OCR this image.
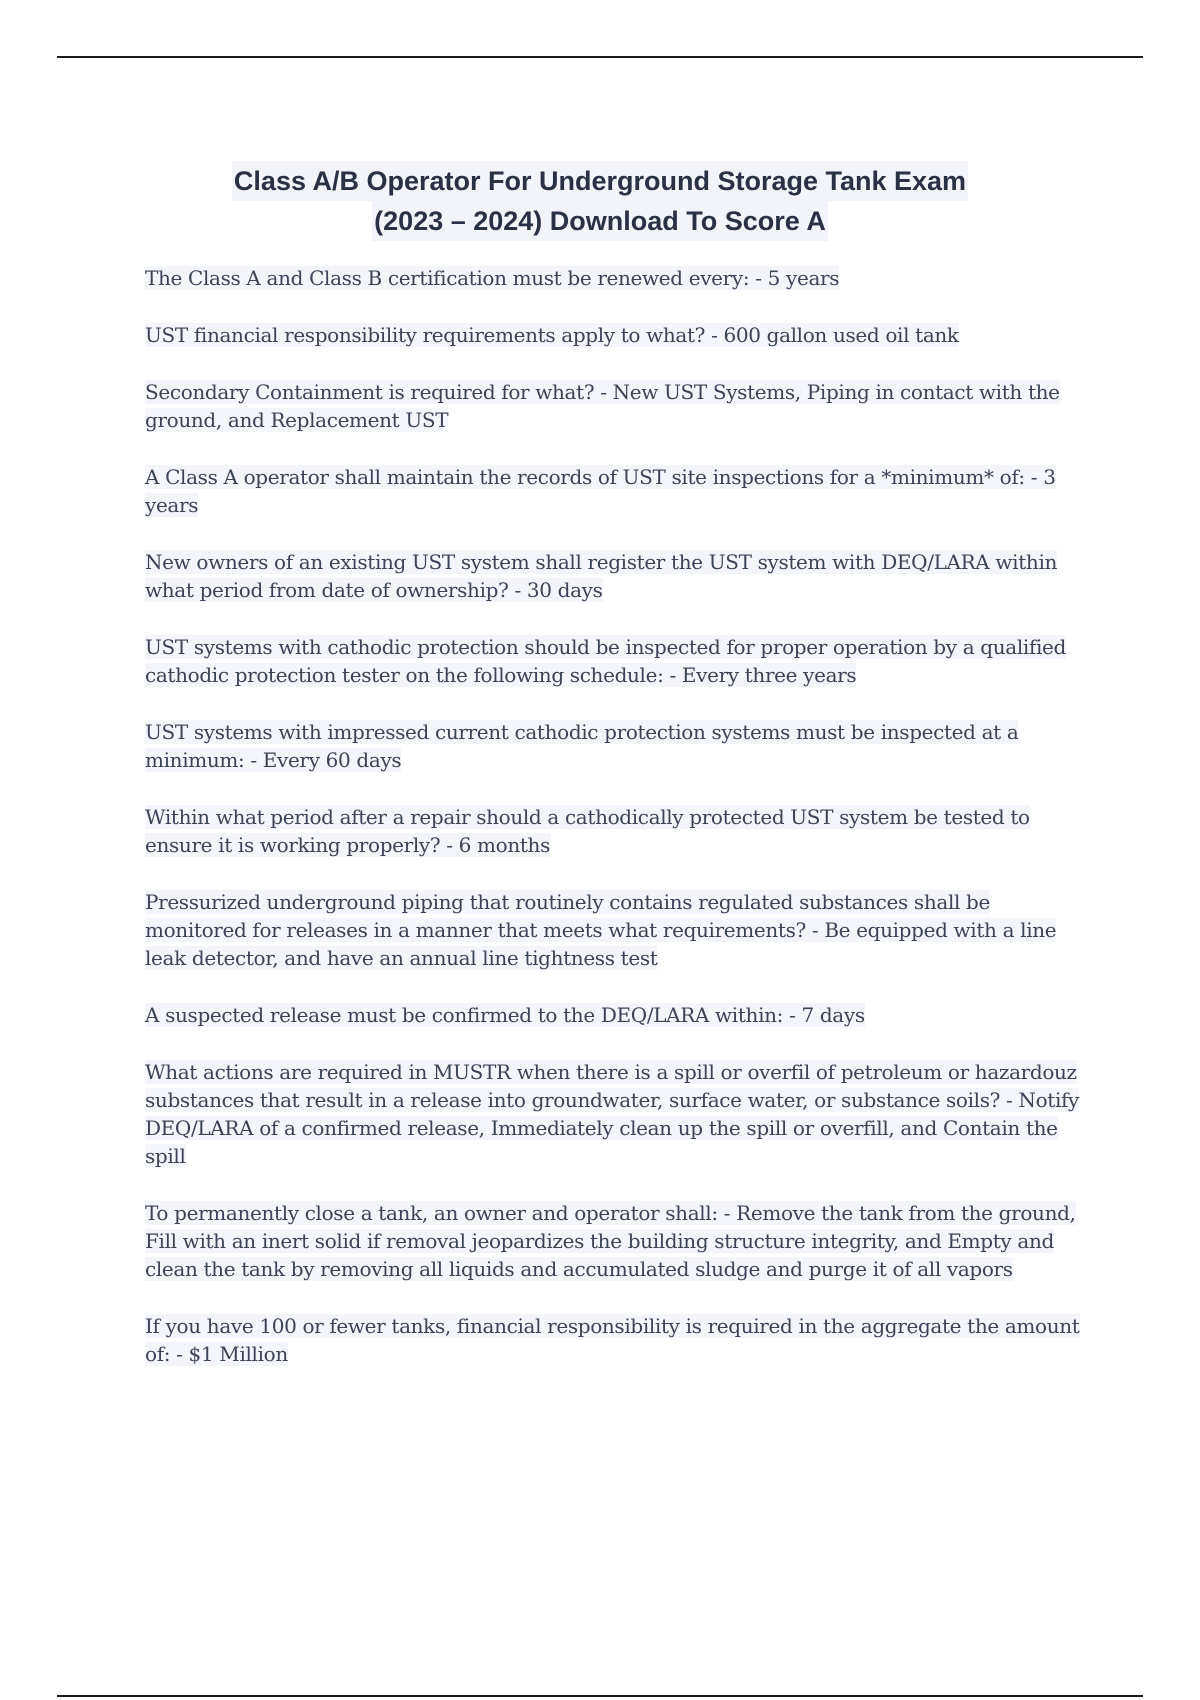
Class A/B Operator For Underground Storage Tank Exam
(2023 – 2024) Download To Score A
The Class A and Class B certification must be renewed every: - 5 years
UST financial responsibility requirements apply to what? - 600 gallon used oil tank
Secondary Containment is required for what? - New UST Systems, Piping in contact with the ground, and Replacement UST
A Class A operator shall maintain the records of UST site inspections for a *minimum* of: - 3 years
New owners of an existing UST system shall register the UST system with DEQ/LARA within what period from date of ownership? - 30 days
UST systems with cathodic protection should be inspected for proper operation by a qualified cathodic protection tester on the following schedule: - Every three years
UST systems with impressed current cathodic protection systems must be inspected at a minimum: - Every 60 days
Within what period after a repair should a cathodically protected UST system be tested to ensure it is working properly? - 6 months
Pressurized underground piping that routinely contains regulated substances shall be monitored for releases in a manner that meets what requirements? - Be equipped with a line leak detector, and have an annual line tightness test
A suspected release must be confirmed to the DEQ/LARA within: - 7 days
What actions are required in MUSTR when there is a spill or overfil of petroleum or hazardouz substances that result in a release into groundwater, surface water, or substance soils? - Notify DEQ/LARA of a confirmed release, Immediately clean up the spill or overfill, and Contain the spill
To permanently close a tank, an owner and operator shall: - Remove the tank from the ground, Fill with an inert solid if removal jeopardizes the building structure integrity, and Empty and clean the tank by removing all liquids and accumulated sludge and purge it of all vapors
If you have 100 or fewer tanks, financial responsibility is required in the aggregate the amount of: - $1 Million
